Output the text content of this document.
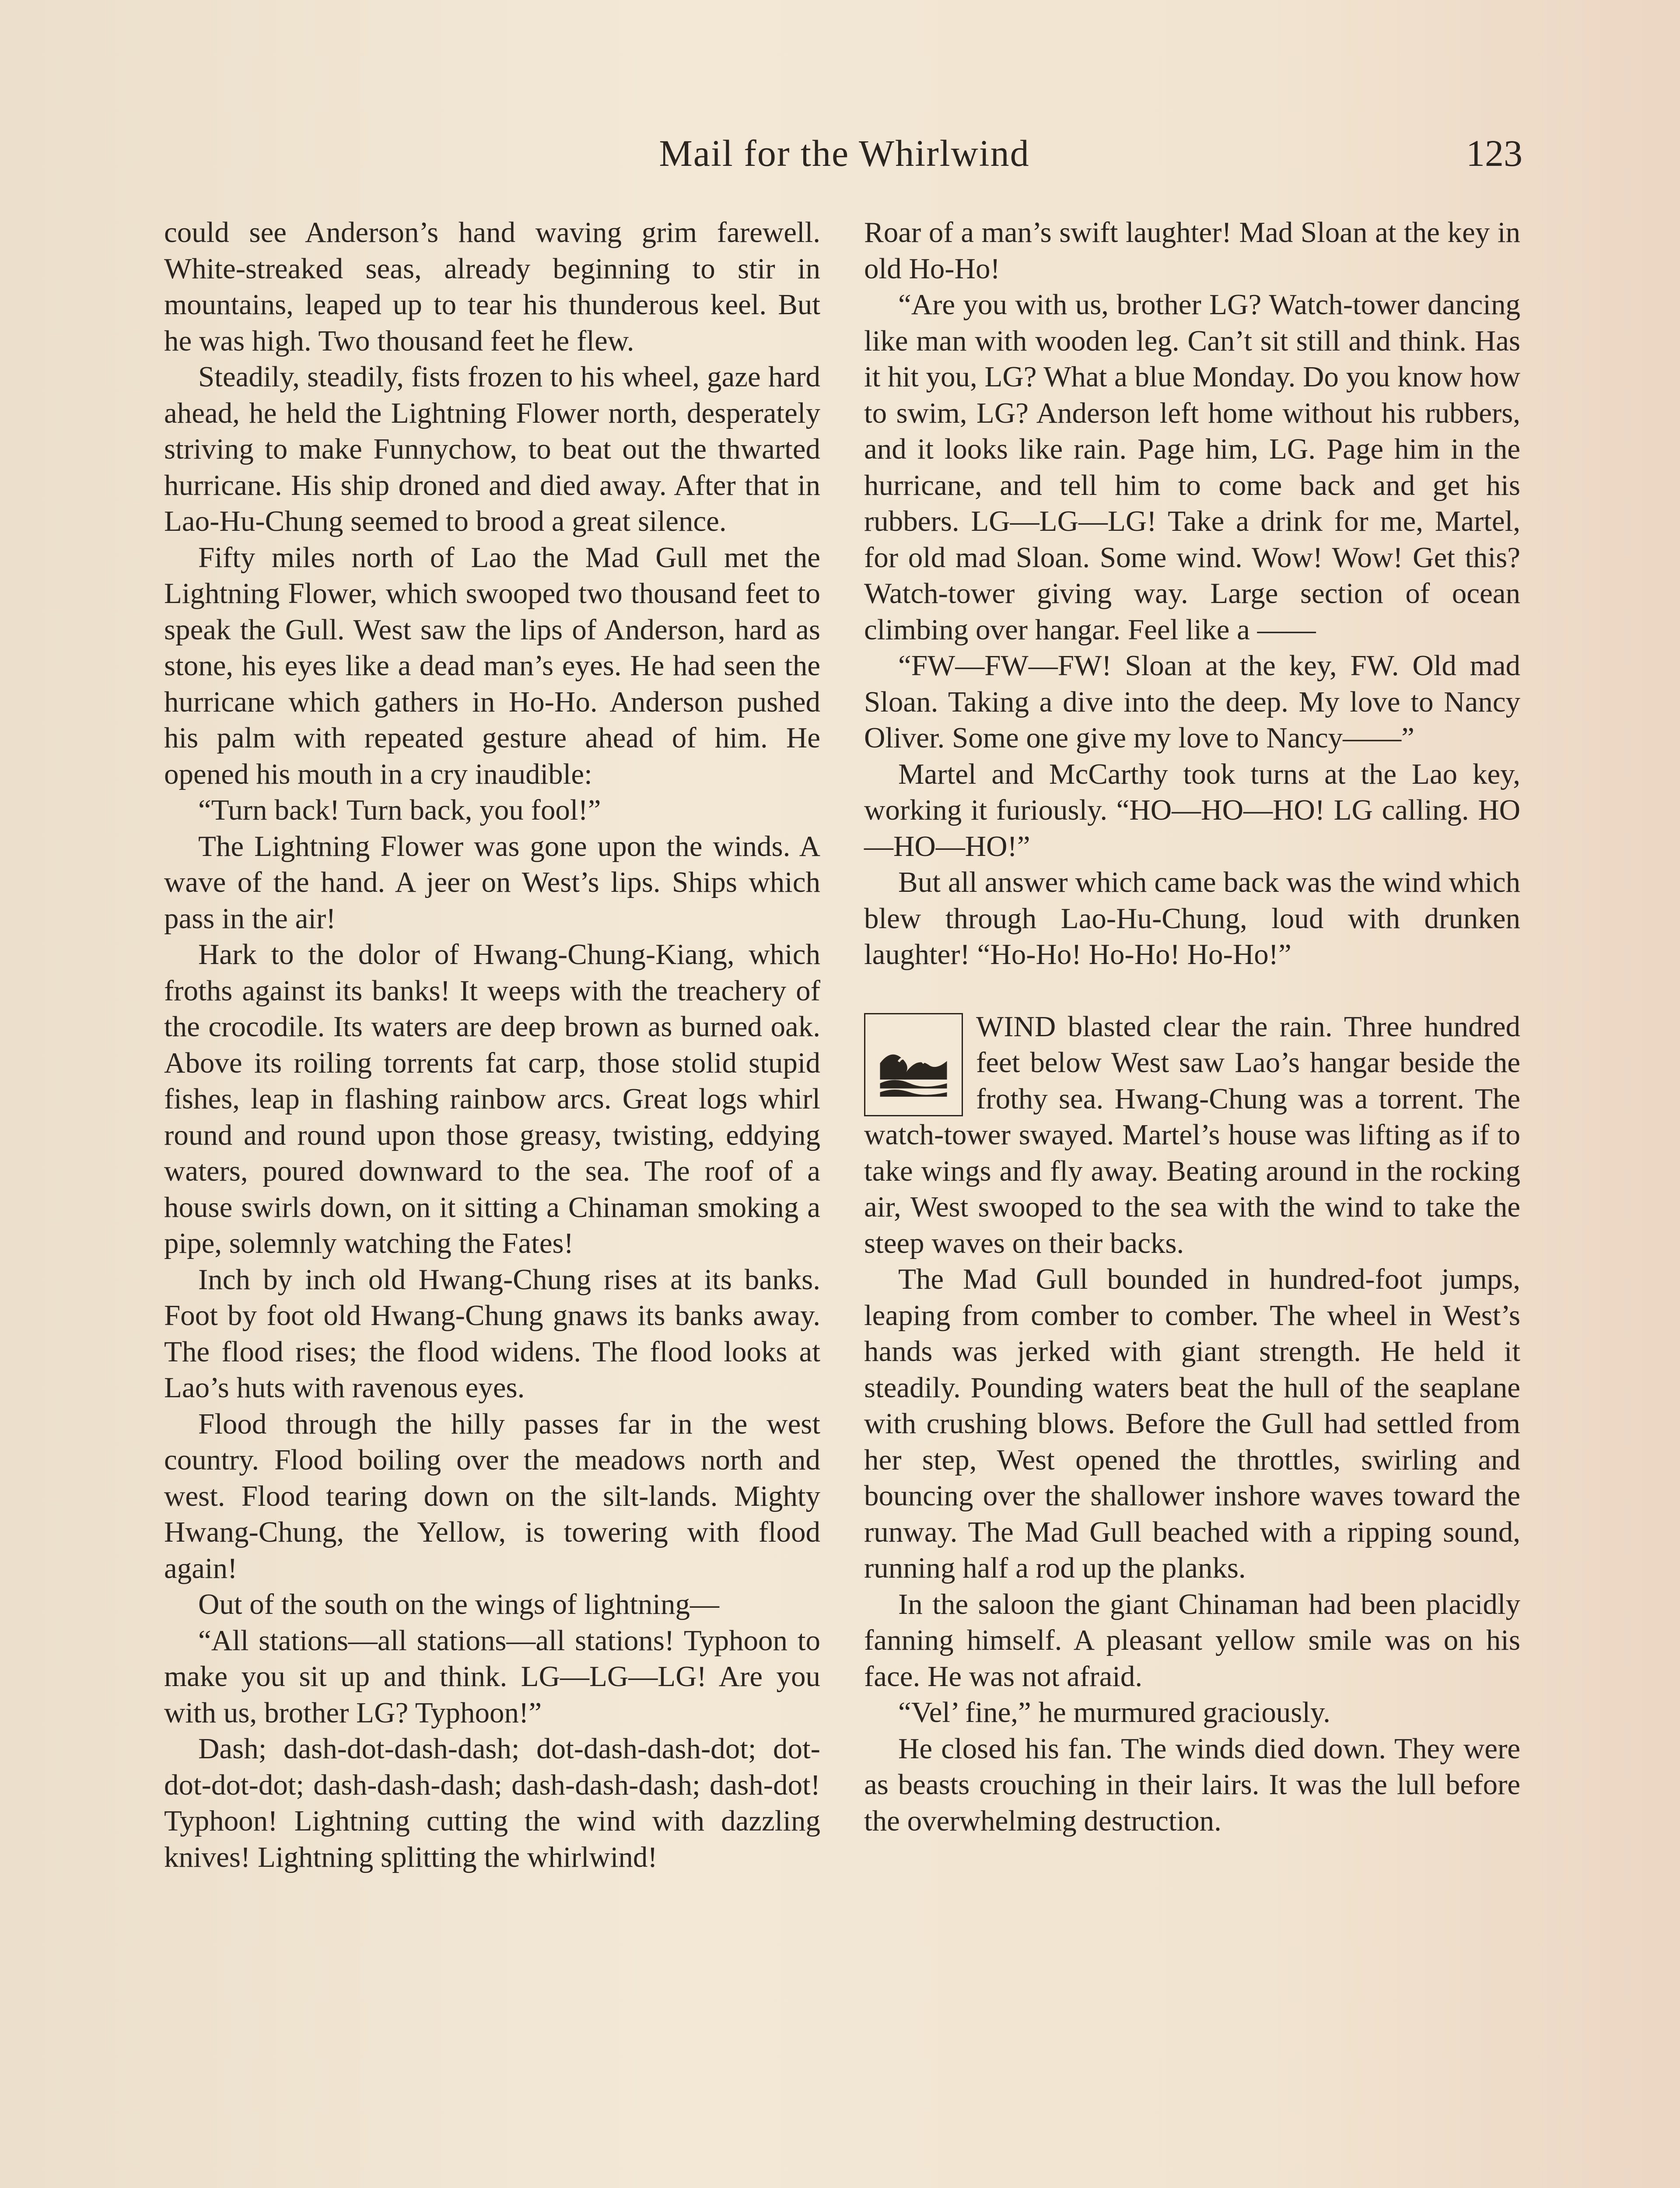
Mail for the Whirlwind	123

could see Anderson’s hand waving grim farewell. White-streaked seas, already beginning to stir in mountains, leaped up to tear his thunderous keel. But he was high. Two thousand feet he flew.

Steadily, steadily, fists frozen to his wheel, gaze hard ahead, he held the Lightning Flower north, desperately striving to make Funnychow, to beat out the thwarted hurricane. His ship droned and died away. After that in Lao-Hu-Chung seemed to brood a great silence.

Fifty miles north of Lao the Mad Gull met the Lightning Flower, which swooped two thousand feet to speak the Gull. West saw the lips of Anderson, hard as stone, his eyes like a dead man’s eyes. He had seen the hurricane which gathers in Ho-Ho. Anderson pushed his palm with repeated gesture ahead of him. He opened his mouth in a cry inaudible:

“Turn back! Turn back, you fool!”

The Lightning Flower was gone upon the winds. A wave of the hand. A jeer on West’s lips. Ships which pass in the air!

Hark to the dolor of Hwang-Chung-Kiang, which froths against its banks! It weeps with the treachery of the crocodile. Its waters are deep brown as burned oak. Above its roiling torrents fat carp, those stolid stupid fishes, leap in flashing rainbow arcs. Great logs whirl round and round upon those greasy, twisting, eddying waters, poured downward to the sea. The roof of a house swirls down, on it sitting a Chinaman smoking a pipe, solemnly watching the Fates!

Inch by inch old Hwang-Chung rises at its banks. Foot by foot old Hwang-Chung gnaws its banks away. The flood rises; the flood widens. The flood looks at Lao’s huts with ravenous eyes.

Flood through the hilly passes far in the west country. Flood boiling over the meadows north and west. Flood tearing down on the silt-lands. Mighty Hwang-Chung, the Yellow, is towering with flood again!

Out of the south on the wings of lightning—

“All stations—all stations—all stations! Typhoon to make you sit up and think. LG—LG—LG! Are you with us, brother LG? Typhoon!”

Dash; dash-dot-dash-dash; dot-dash-dash-dot; dot-dot-dot-dot; dash-dash-dash; dash-dash-dash; dash-dot! Typhoon! Lightning cutting the wind with dazzling knives! Lightning splitting the whirlwind!

Roar of a man’s swift laughter! Mad Sloan at the key in old Ho-Ho!

“Are you with us, brother LG? Watch-tower dancing like man with wooden leg. Can’t sit still and think. Has it hit you, LG? What a blue Monday. Do you know how to swim, LG? Anderson left home without his rubbers, and it looks like rain. Page him, LG. Page him in the hurricane, and tell him to come back and get his rubbers. LG—LG—LG! Take a drink for me, Martel, for old mad Sloan. Some wind. Wow! Wow! Get this? Watch-tower giving way. Large section of ocean climbing over hangar. Feel like a ——

“FW—FW—FW! Sloan at the key, FW. Old mad Sloan. Taking a dive into the deep. My love to Nancy Oliver. Some one give my love to Nancy——”

Martel and McCarthy took turns at the Lao key, working it furiously. “HO—HO—HO! LG calling. HO—HO—HO!”

But all answer which came back was the wind which blew through Lao-Hu-Chung, loud with drunken laughter! “Ho-Ho! Ho-Ho! Ho-Ho!”

WIND blasted clear the rain. Three hundred feet below West saw Lao’s hangar beside the frothy sea. Hwang-Chung was a torrent. The watch-tower swayed. Martel’s house was lifting as if to take wings and fly away. Beating around in the rocking air, West swooped to the sea with the wind to take the steep waves on their backs.

The Mad Gull bounded in hundred-foot jumps, leaping from comber to comber. The wheel in West’s hands was jerked with giant strength. He held it steadily. Pounding waters beat the hull of the seaplane with crushing blows. Before the Gull had settled from her step, West opened the throttles, swirling and bouncing over the shallower inshore waves toward the runway. The Mad Gull beached with a ripping sound, running half a rod up the planks.

In the saloon the giant Chinaman had been placidly fanning himself. A pleasant yellow smile was on his face. He was not afraid.

“Vel’ fine,” he murmured graciously.

He closed his fan. The winds died down. They were as beasts crouching in their lairs. It was the lull before the overwhelming destruction.
